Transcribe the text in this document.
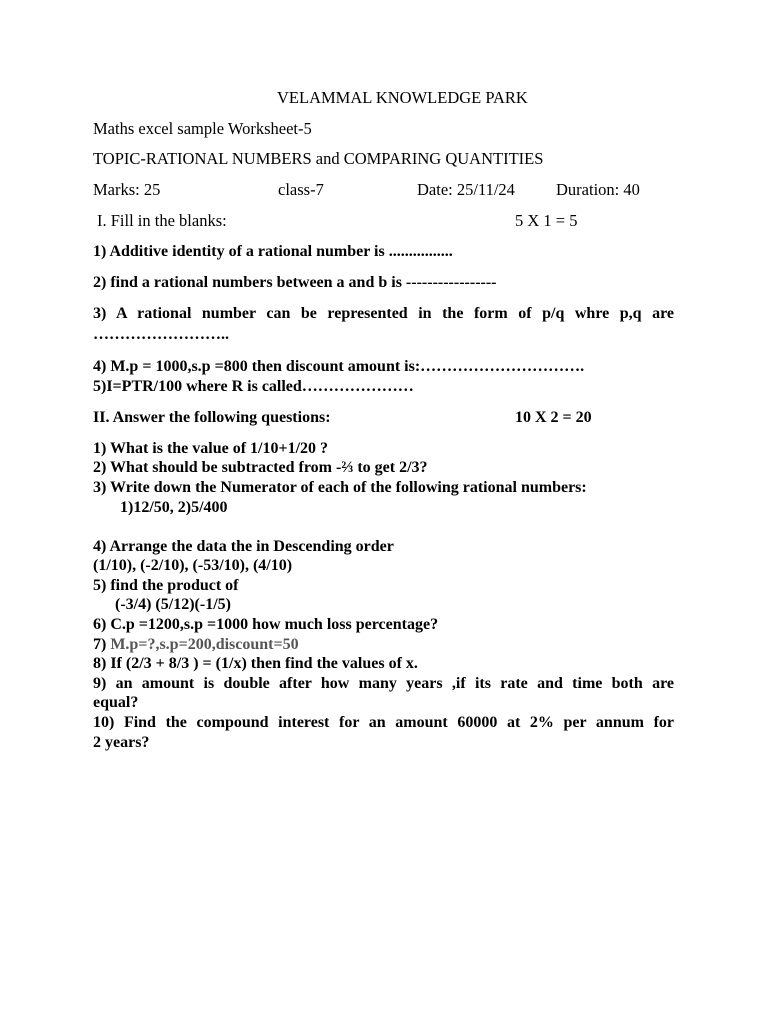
VELAMMAL KNOWLEDGE PARK
Maths excel sample Worksheet-5
TOPIC-RATIONAL NUMBERS and COMPARING QUANTITIES
Marks: 25	class-7	Date: 25/11/24 Duration: 40
I. Fill in the blanks:	5 X 1 = 5
1) Additive identity of a rational number is ................
2) find a rational numbers between a and b is -----------------
3) A rational number can be represented in the form of p/q whre p,q are
……………………..
4) M.p = 1000,s.p =800 then discount amount is:………………………….
5)I=PTR/100 where R is called…………………
II. Answer the following questions:	10 X 2 = 20
1) What is the value of 1/10+1/20 ?
2) What should be subtracted from -⅔ to get 2/3?
3) Write down the Numerator of each of the following rational numbers:
1)12/50, 2)5/400
4) Arrange the data the in Descending order
(1/10), (-2/10), (-53/10), (4/10)
5) find the product of
(-3/4) (5/12)(-1/5)
6) C.p =1200,s.p =1000 how much loss percentage?
7) M.p=?,s.p=200,discount=50
8) If (2/3 + 8/3 ) = (1/x) then find the values of x.
9) an amount is double after how many years ,if its rate and time both are
equal?
10) Find the compound interest for an amount 60000 at 2% per annum for
2 years?
